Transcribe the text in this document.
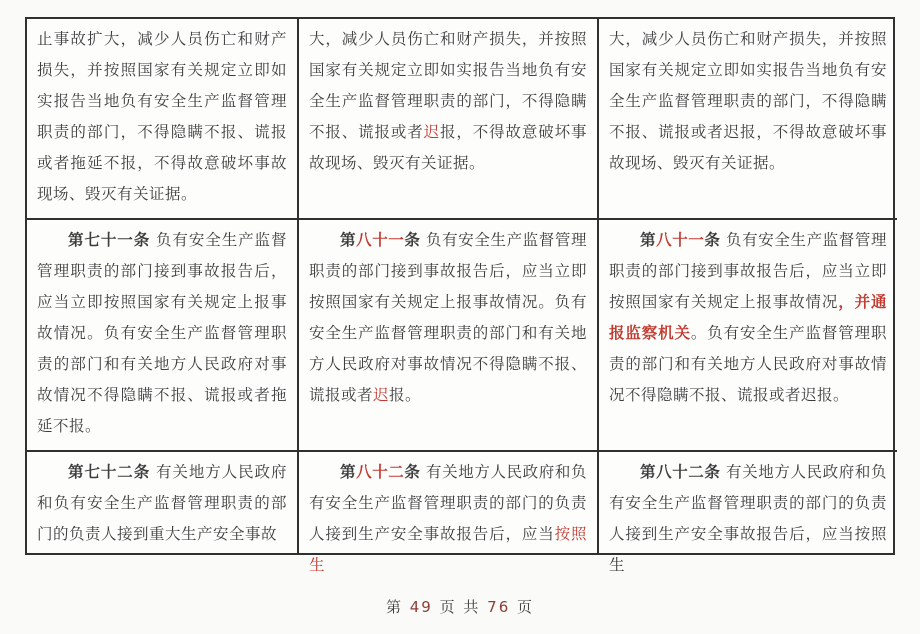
止事故扩大，减少人员伤亡和财产损失，并按照国家有关规定立即如实报告当地负有安全生产监督管理职责的部门，不得隐瞒不报、谎报或者拖延不报，不得故意破坏事故现场、毁灭有关证据。
大，减少人员伤亡和财产损失，并按照国家有关规定立即如实报告当地负有安全生产监督管理职责的部门，不得隐瞒不报、谎报或者迟报，不得故意破坏事故现场、毁灭有关证据。
大，减少人员伤亡和财产损失，并按照国家有关规定立即如实报告当地负有安全生产监督管理职责的部门，不得隐瞒不报、谎报或者迟报，不得故意破坏事故现场、毁灭有关证据。
第七十一条 负有安全生产监督管理职责的部门接到事故报告后，应当立即按照国家有关规定上报事故情况。负有安全生产监督管理职责的部门和有关地方人民政府对事故情况不得隐瞒不报、谎报或者拖延不报。
第八十一条 负有安全生产监督管理职责的部门接到事故报告后，应当立即按照国家有关规定上报事故情况。负有安全生产监督管理职责的部门和有关地方人民政府对事故情况不得隐瞒不报、谎报或者迟报。
第八十一条 负有安全生产监督管理职责的部门接到事故报告后，应当立即按照国家有关规定上报事故情况，并通报监察机关。负有安全生产监督管理职责的部门和有关地方人民政府对事故情况不得隐瞒不报、谎报或者迟报。
第七十二条 有关地方人民政府和负有安全生产监督管理职责的部门的负责人接到重大生产安全事故
第八十二条 有关地方人民政府和负有安全生产监督管理职责的部门的负责人接到生产安全事故报告后，应当按照生
第八十二条 有关地方人民政府和负有安全生产监督管理职责的部门的负责人接到生产安全事故报告后，应当按照生
第 49 页 共 76 页
